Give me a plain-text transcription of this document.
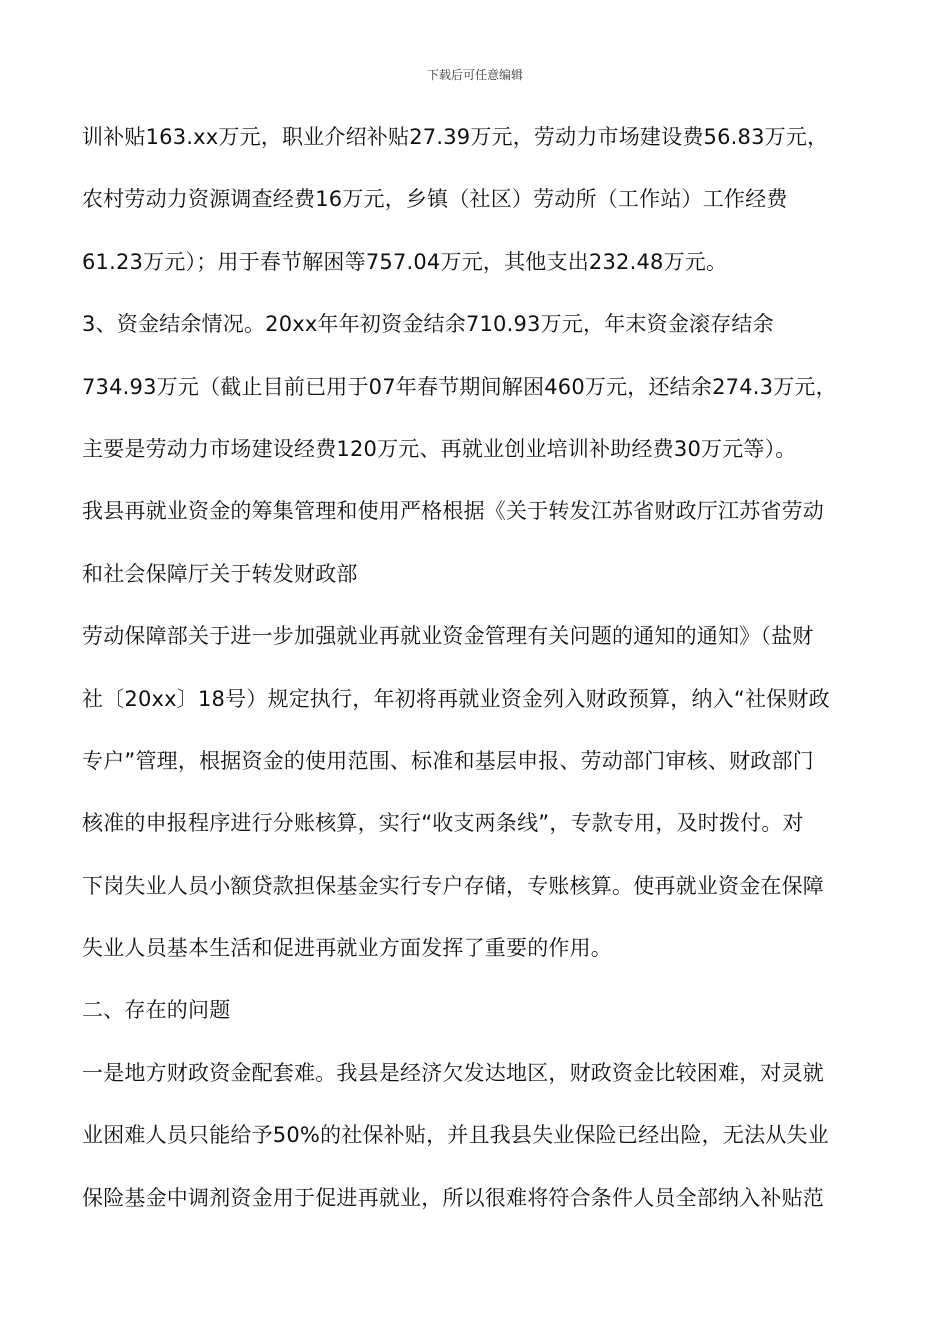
下载后可任意编辑
训补贴163.xx万元，职业介绍补贴27.39万元，劳动力市场建设费56.83万元，
农村劳动力资源调查经费16万元，乡镇（社区）劳动所（工作站）工作经费
61.23万元）；用于春节解困等757.04万元，其他支出232.48万元。
3、资金结余情况。20xx年年初资金结余710.93万元，年末资金滚存结余
734.93万元（截止目前已用于07年春节期间解困460万元，还结余274.3万元，
主要是劳动力市场建设经费120万元、再就业创业培训补助经费30万元等）。
我县再就业资金的筹集管理和使用严格根据《关于转发江苏省财政厅江苏省劳动
和社会保障厅关于转发财政部
劳动保障部关于进一步加强就业再就业资金管理有关问题的通知的通知》（盐财
社〔20xx〕18号）规定执行，年初将再就业资金列入财政预算，纳入“社保财政
专户”管理，根据资金的使用范围、标准和基层申报、劳动部门审核、财政部门
核准的申报程序进行分账核算，实行“收支两条线”，专款专用，及时拨付。对
下岗失业人员小额贷款担保基金实行专户存储，专账核算。使再就业资金在保障
失业人员基本生活和促进再就业方面发挥了重要的作用。
二、存在的问题
一是地方财政资金配套难。我县是经济欠发达地区，财政资金比较困难，对灵就
业困难人员只能给予50%的社保补贴，并且我县失业保险已经出险，无法从失业
保险基金中调剂资金用于促进再就业，所以很难将符合条件人员全部纳入补贴范
